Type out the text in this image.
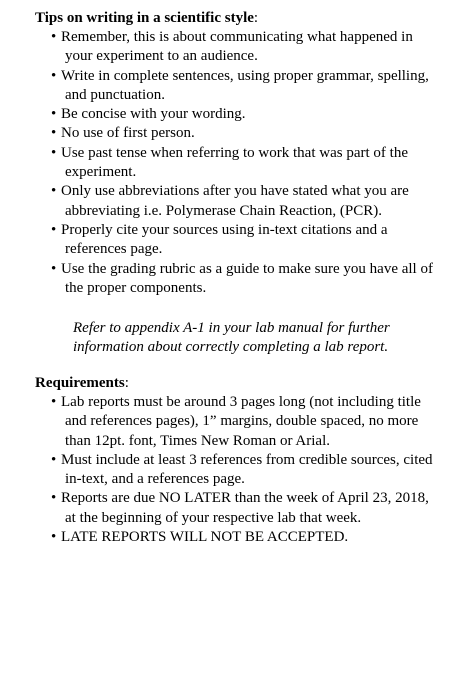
Tips on writing in a scientific style:

• Remember, this is about communicating what happened in your experiment to an audience.
• Write in complete sentences, using proper grammar, spelling, and punctuation.
• Be concise with your wording.
• No use of first person.
• Use past tense when referring to work that was part of the experiment.
• Only use abbreviations after you have stated what you are abbreviating i.e. Polymerase Chain Reaction, (PCR).
• Properly cite your sources using in-text citations and a references page.
• Use the grading rubric as a guide to make sure you have all of the proper components.

Refer to appendix A-1 in your lab manual for further information about correctly completing a lab report.

Requirements:

• Lab reports must be around 3 pages long (not including title and references pages), 1” margins, double spaced, no more than 12pt. font, Times New Roman or Arial.
• Must include at least 3 references from credible sources, cited in-text, and a references page.
• Reports are due NO LATER than the week of April 23, 2018, at the beginning of your respective lab that week.
• LATE REPORTS WILL NOT BE ACCEPTED.
